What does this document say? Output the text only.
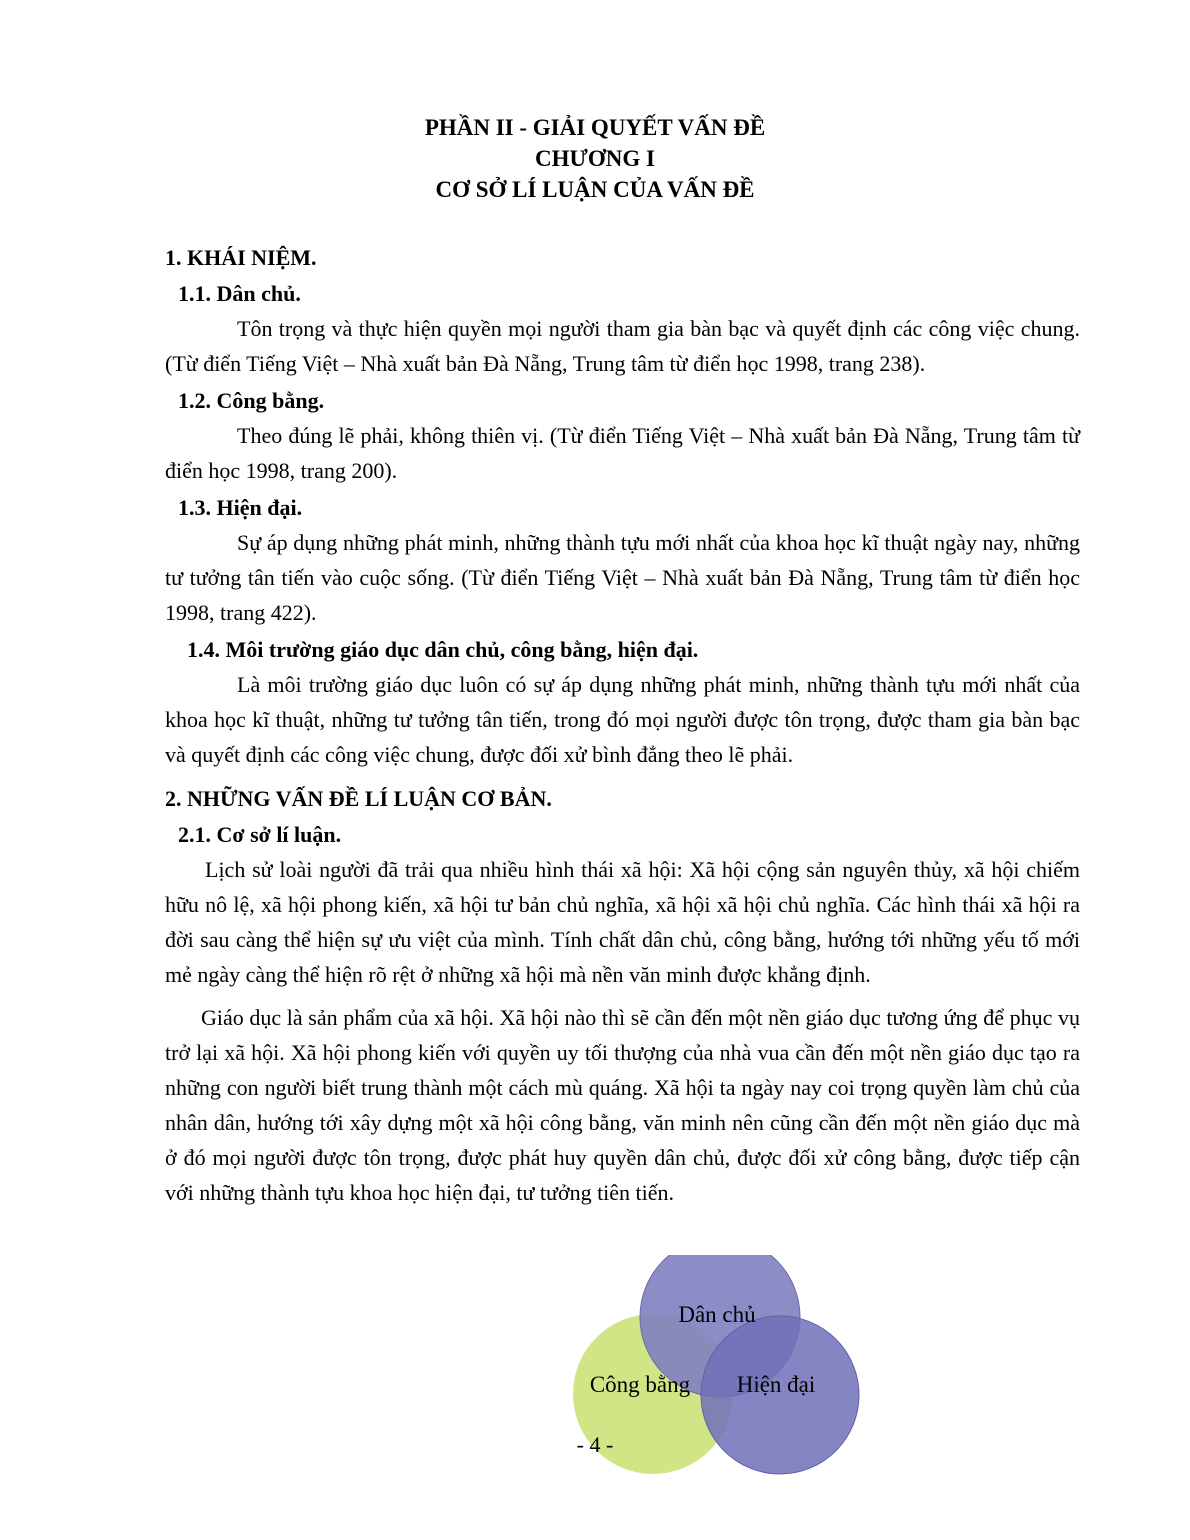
PHẦN II - GIẢI QUYẾT VẤN ĐỀ
CHƯƠNG I
CƠ SỞ LÍ LUẬN CỦA VẤN ĐỀ
1. KHÁI NIỆM.
1.1. Dân chủ.
Tôn trọng và thực hiện quyền mọi người tham gia bàn bạc và quyết định các công việc chung. (Từ điển Tiếng Việt – Nhà xuất bản Đà Nẵng, Trung tâm từ điển học 1998, trang 238).
1.2. Công bằng.
Theo đúng lẽ phải, không thiên vị. (Từ điển Tiếng Việt – Nhà xuất bản Đà Nẵng, Trung tâm từ điển học 1998, trang 200).
1.3. Hiện đại.
Sự áp dụng những phát minh, những thành tựu mới nhất của khoa học kĩ thuật ngày nay, những tư tưởng tân tiến vào cuộc sống. (Từ điển Tiếng Việt – Nhà xuất bản Đà Nẵng, Trung tâm từ điển học 1998, trang 422).
1.4. Môi trường giáo dục dân chủ, công bằng, hiện đại.
Là môi trường giáo dục luôn có sự áp dụng những phát minh, những thành tựu mới nhất của khoa học kĩ thuật, những tư tưởng tân tiến, trong đó mọi người được tôn trọng, được tham gia bàn bạc và quyết định các công việc chung, được đối xử bình đẳng theo lẽ phải.
2. NHỮNG VẤN ĐỀ LÍ LUẬN CƠ BẢN.
2.1. Cơ sở lí luận.
Lịch sử loài người đã trải qua nhiều hình thái xã hội: Xã hội cộng sản nguyên thủy, xã hội chiếm hữu nô lệ, xã hội phong kiến, xã hội tư bản chủ nghĩa, xã hội xã hội chủ nghĩa. Các hình thái xã hội ra đời sau càng thể hiện sự ưu việt của mình. Tính chất dân chủ, công bằng, hướng tới những yếu tố mới mẻ ngày càng thể hiện rõ rệt ở những xã hội mà nền văn minh được khẳng định.
Giáo dục là sản phẩm của xã hội. Xã hội nào thì sẽ cần đến một nền giáo dục tương ứng để phục vụ trở lại xã hội. Xã hội phong kiến với quyền uy tối thượng của nhà vua cần đến một nền giáo dục tạo ra những con người biết trung thành một cách mù quáng. Xã hội ta ngày nay coi trọng quyền làm chủ của nhân dân, hướng tới xây dựng một xã hội công bằng, văn minh nên cũng cần đến một nền giáo dục mà ở đó mọi người được tôn trọng, được phát huy quyền dân chủ, được đối xử công bằng, được tiếp cận với những thành tựu khoa học hiện đại, tư tưởng tiên tiến.
Dân chủ
Công bằng Hiện đại
- 4 -
